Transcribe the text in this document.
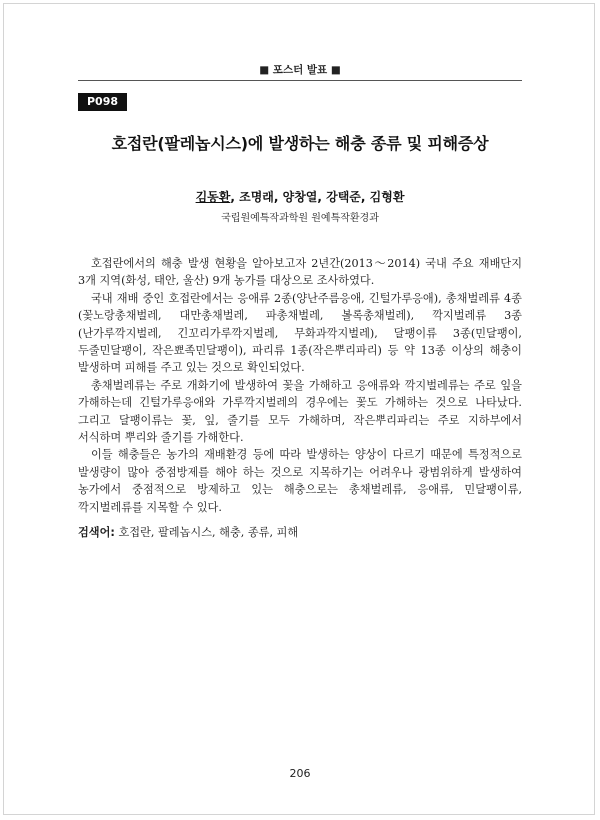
■ 포스터 발표 ■
P098
호접란(팔레놉시스)에 발생하는 해충 종류 및 피해증상
김동환, 조명래, 양창열, 강택준, 김형환
국립원예특작과학원 원예특작환경과

호접란에서의 해충 발생 현황을 알아보고자 2년간(2013～2014) 국내 주요 재배단지 3개 지역(화성, 태안, 울산) 9개 농가를 대상으로 조사하였다.

국내 재배 중인 호접란에서는 응애류 2종(양난주름응애, 긴털가루응애), 총채벌레류 4종(꽃노랑총채벌레, 대만총채벌레, 파총채벌레, 볼록총채벌레), 깍지벌레류 3종(난가루깍지벌레, 긴꼬리가루깍지벌레, 무화과깍지벌레), 달팽이류 3종(민달팽이, 두줄민달팽이, 작은뾰족민달팽이), 파리류 1종(작은뿌리파리) 등 약 13종 이상의 해충이 발생하며 피해를 주고 있는 것으로 확인되었다.

총채벌레류는 주로 개화기에 발생하여 꽃을 가해하고 응애류와 깍지벌레류는 주로 잎을 가해하는데 긴털가루응애와 가루깍지벌레의 경우에는 꽃도 가해하는 것으로 나타났다. 그리고 달팽이류는 꽃, 잎, 줄기를 모두 가해하며, 작은뿌리파리는 주로 지하부에서 서식하며 뿌리와 줄기를 가해한다.

이들 해충들은 농가의 재배환경 등에 따라 발생하는 양상이 다르기 때문에 특정적으로 발생량이 많아 중점방제를 해야 하는 것으로 지목하기는 어려우나 광범위하게 발생하여 농가에서 중점적으로 방제하고 있는 해충으로는 총채벌레류, 응애류, 민달팽이류, 깍지벌레류를 지목할 수 있다.

검색어: 호접란, 팔레놉시스, 해충, 종류, 피해
206
